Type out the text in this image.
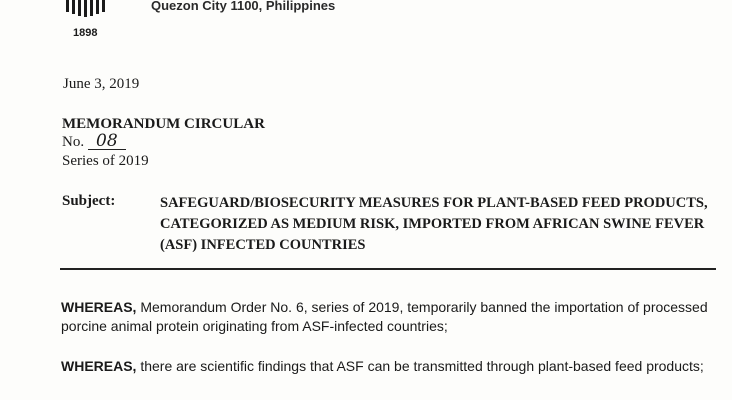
1898
Quezon City 1100, Philippines
June 3, 2019
MEMORANDUM CIRCULAR
No. 08
Series of 2019
Subject:	SAFEGUARD/BIOSECURITY MEASURES FOR PLANT-BASED FEED PRODUCTS, CATEGORIZED AS MEDIUM RISK, IMPORTED FROM AFRICAN SWINE FEVER (ASF) INFECTED COUNTRIES
WHEREAS, Memorandum Order No. 6, series of 2019, temporarily banned the importation of processed porcine animal protein originating from ASF-infected countries;
WHEREAS, there are scientific findings that ASF can be transmitted through plant-based feed products;
